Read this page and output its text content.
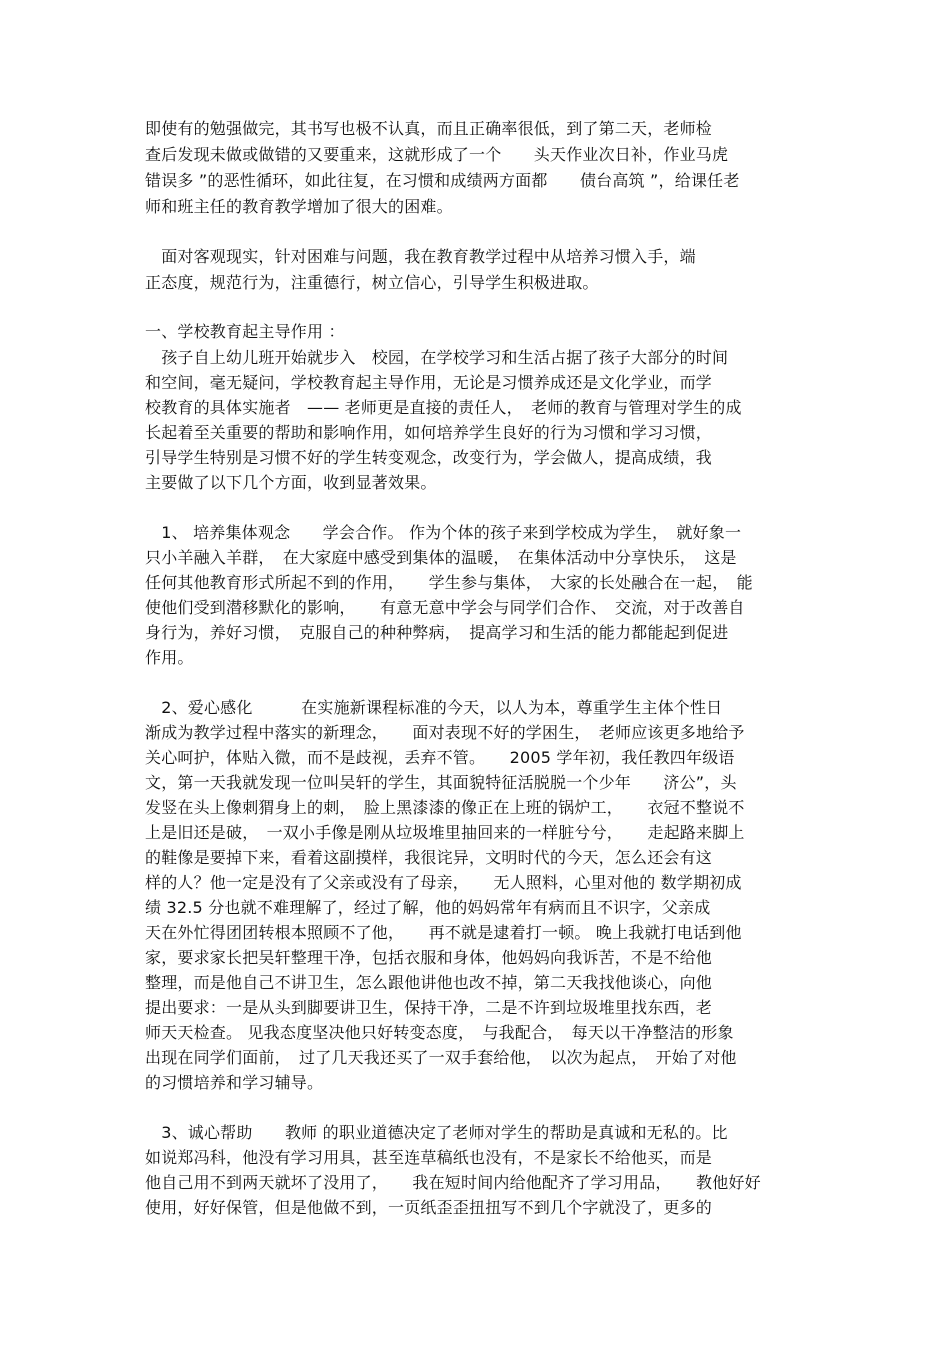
即使有的勉强做完，其书写也极不认真，而且正确率很低，到了第二天，老师检
查后发现未做或做错的又要重来，这就形成了一个　　头天作业次日补，作业马虎
错误多 ”的恶性循环，如此往复，在习惯和成绩两方面都　　债台高筑 ”，给课任老
师和班主任的教育教学增加了很大的困难。
　面对客观现实，针对困难与问题，我在教育教学过程中从培养习惯入手，端
正态度，规范行为，注重德行，树立信心，引导学生积极进取。
一、学校教育起主导作用 ：
　孩子自上幼儿班开始就步入　校园，在学校学习和生活占据了孩子大部分的时间
和空间，毫无疑问，学校教育起主导作用，无论是习惯养成还是文化学业，而学
校教育的具体实施者　—— 老师更是直接的责任人，　老师的教育与管理对学生的成
长起着至关重要的帮助和影响作用，如何培养学生良好的行为习惯和学习习惯，
引导学生特别是习惯不好的学生转变观念，改变行为，学会做人，提高成绩，我
主要做了以下几个方面，收到显著效果。
　1、 培养集体观念　　学会合作。 作为个体的孩子来到学校成为学生，　就好象一
只小羊融入羊群，　在大家庭中感受到集体的温暖，　在集体活动中分享快乐，　这是
任何其他教育形式所起不到的作用，　　学生参与集体，　大家的长处融合在一起，　能
使他们受到潜移默化的影响，　　有意无意中学会与同学们合作、　交流，对于改善自
身行为，养好习惯，　克服自己的种种弊病，　提高学习和生活的能力都能起到促进
作用。
　2、爱心感化　　　在实施新课程标准的今天，以人为本，尊重学生主体个性日
渐成为教学过程中落实的新理念，　　面对表现不好的学困生，　老师应该更多地给予
关心呵护，体贴入微，而不是歧视，丢弃不管。　　2005 学年初，我任教四年级语
文，第一天我就发现一位叫吴轩的学生，其面貌特征活脱脱一个少年　　济公”，头
发竖在头上像刺猬身上的刺，　脸上黑漆漆的像正在上班的锅炉工，　　衣冠不整说不
上是旧还是破，　一双小手像是刚从垃圾堆里抽回来的一样脏兮兮，　　走起路来脚上
的鞋像是要掉下来，看着这副摸样，我很诧异，文明时代的今天，怎么还会有这
样的人？他一定是没有了父亲或没有了母亲，　　无人照料，心里对他的 数学期初成
绩 32.5 分也就不难理解了，经过了解，他的妈妈常年有病而且不识字，父亲成
天在外忙得团团转根本照顾不了他，　　再不就是逮着打一顿。 晚上我就打电话到他
家，要求家长把吴轩整理干净，包括衣服和身体，他妈妈向我诉苦，不是不给他
整理，而是他自己不讲卫生，怎么跟他讲他也改不掉，第二天我找他谈心，向他
提出要求：一是从头到脚要讲卫生，保持干净，二是不许到垃圾堆里找东西，老
师天天检查。 见我态度坚决他只好转变态度，　与我配合，　每天以干净整洁的形象
出现在同学们面前，　过了几天我还买了一双手套给他，　以次为起点，　开始了对他
的习惯培养和学习辅导。
　3、诚心帮助　　教师 的职业道德决定了老师对学生的帮助是真诚和无私的。比
如说郑冯科，他没有学习用具，甚至连草稿纸也没有，不是家长不给他买，而是
他自己用不到两天就坏了没用了，　　我在短时间内给他配齐了学习用品，　　教他好好
使用，好好保管，但是他做不到，一页纸歪歪扭扭写不到几个字就没了，更多的
